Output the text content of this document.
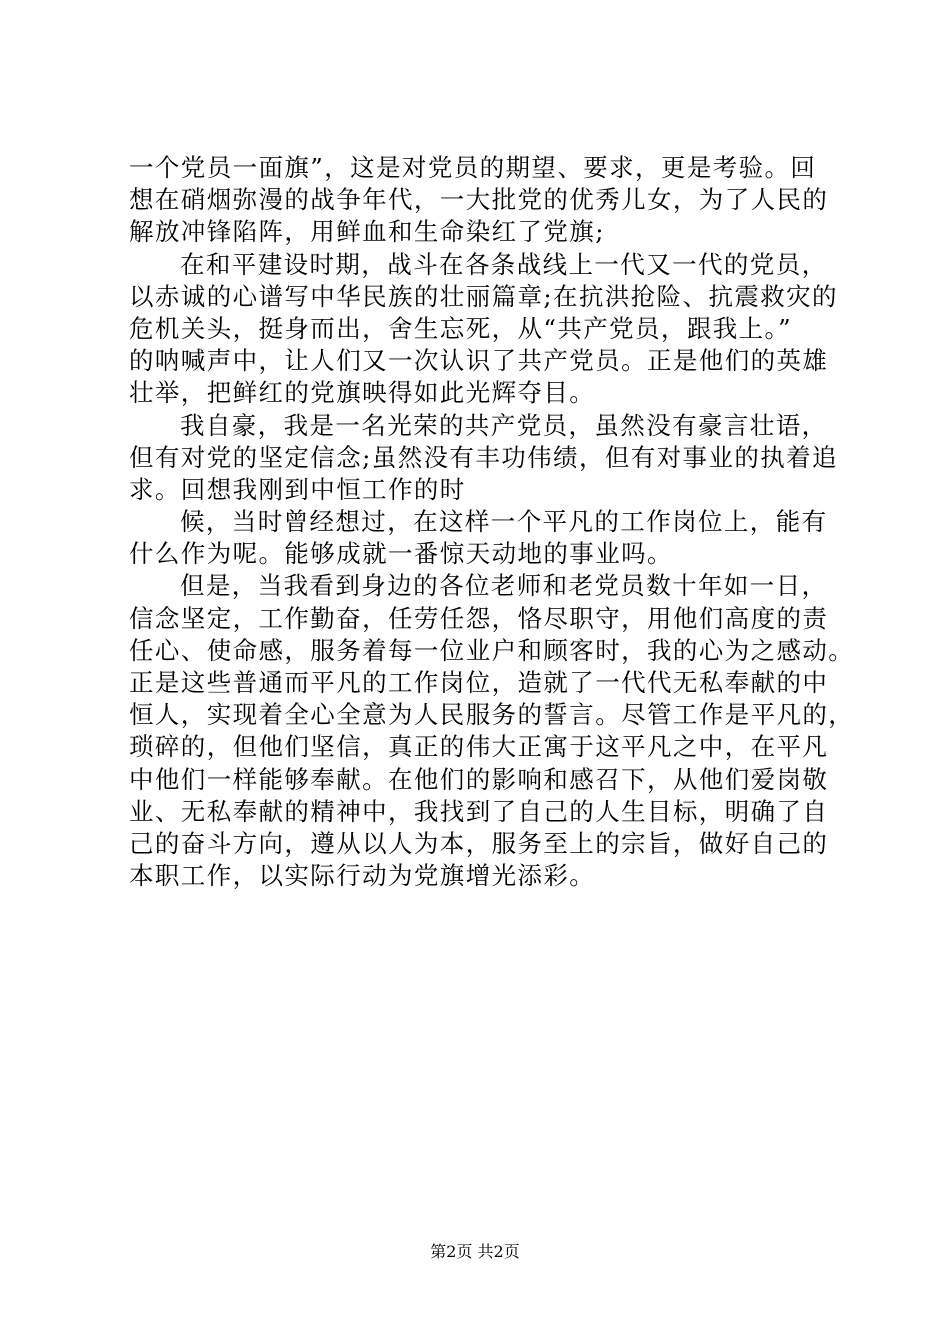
一个党员一面旗”，这是对党员的期望、要求，更是考验。回
想在硝烟弥漫的战争年代，一大批党的优秀儿女，为了人民的
解放冲锋陷阵，用鲜血和生命染红了党旗;
在和平建设时期，战斗在各条战线上一代又一代的党员，
以赤诚的心谱写中华民族的壮丽篇章;在抗洪抢险、抗震救灾的
危机关头，挺身而出，舍生忘死，从“共产党员，跟我上。”
的呐喊声中，让人们又一次认识了共产党员。正是他们的英雄
壮举，把鲜红的党旗映得如此光辉夺目。
我自豪，我是一名光荣的共产党员，虽然没有豪言壮语，
但有对党的坚定信念;虽然没有丰功伟绩，但有对事业的执着追
求。回想我刚到中恒工作的时
候，当时曾经想过，在这样一个平凡的工作岗位上，能有
什么作为呢。能够成就一番惊天动地的事业吗。
但是，当我看到身边的各位老师和老党员数十年如一日，
信念坚定，工作勤奋，任劳任怨，恪尽职守，用他们高度的责
任心、使命感，服务着每一位业户和顾客时，我的心为之感动。
正是这些普通而平凡的工作岗位，造就了一代代无私奉献的中
恒人，实现着全心全意为人民服务的誓言。尽管工作是平凡的，
琐碎的，但他们坚信，真正的伟大正寓于这平凡之中，在平凡
中他们一样能够奉献。在他们的影响和感召下，从他们爱岗敬
业、无私奉献的精神中，我找到了自己的人生目标，明确了自
己的奋斗方向，遵从以人为本，服务至上的宗旨，做好自己的
本职工作，以实际行动为党旗增光添彩。
第2页 共2页
